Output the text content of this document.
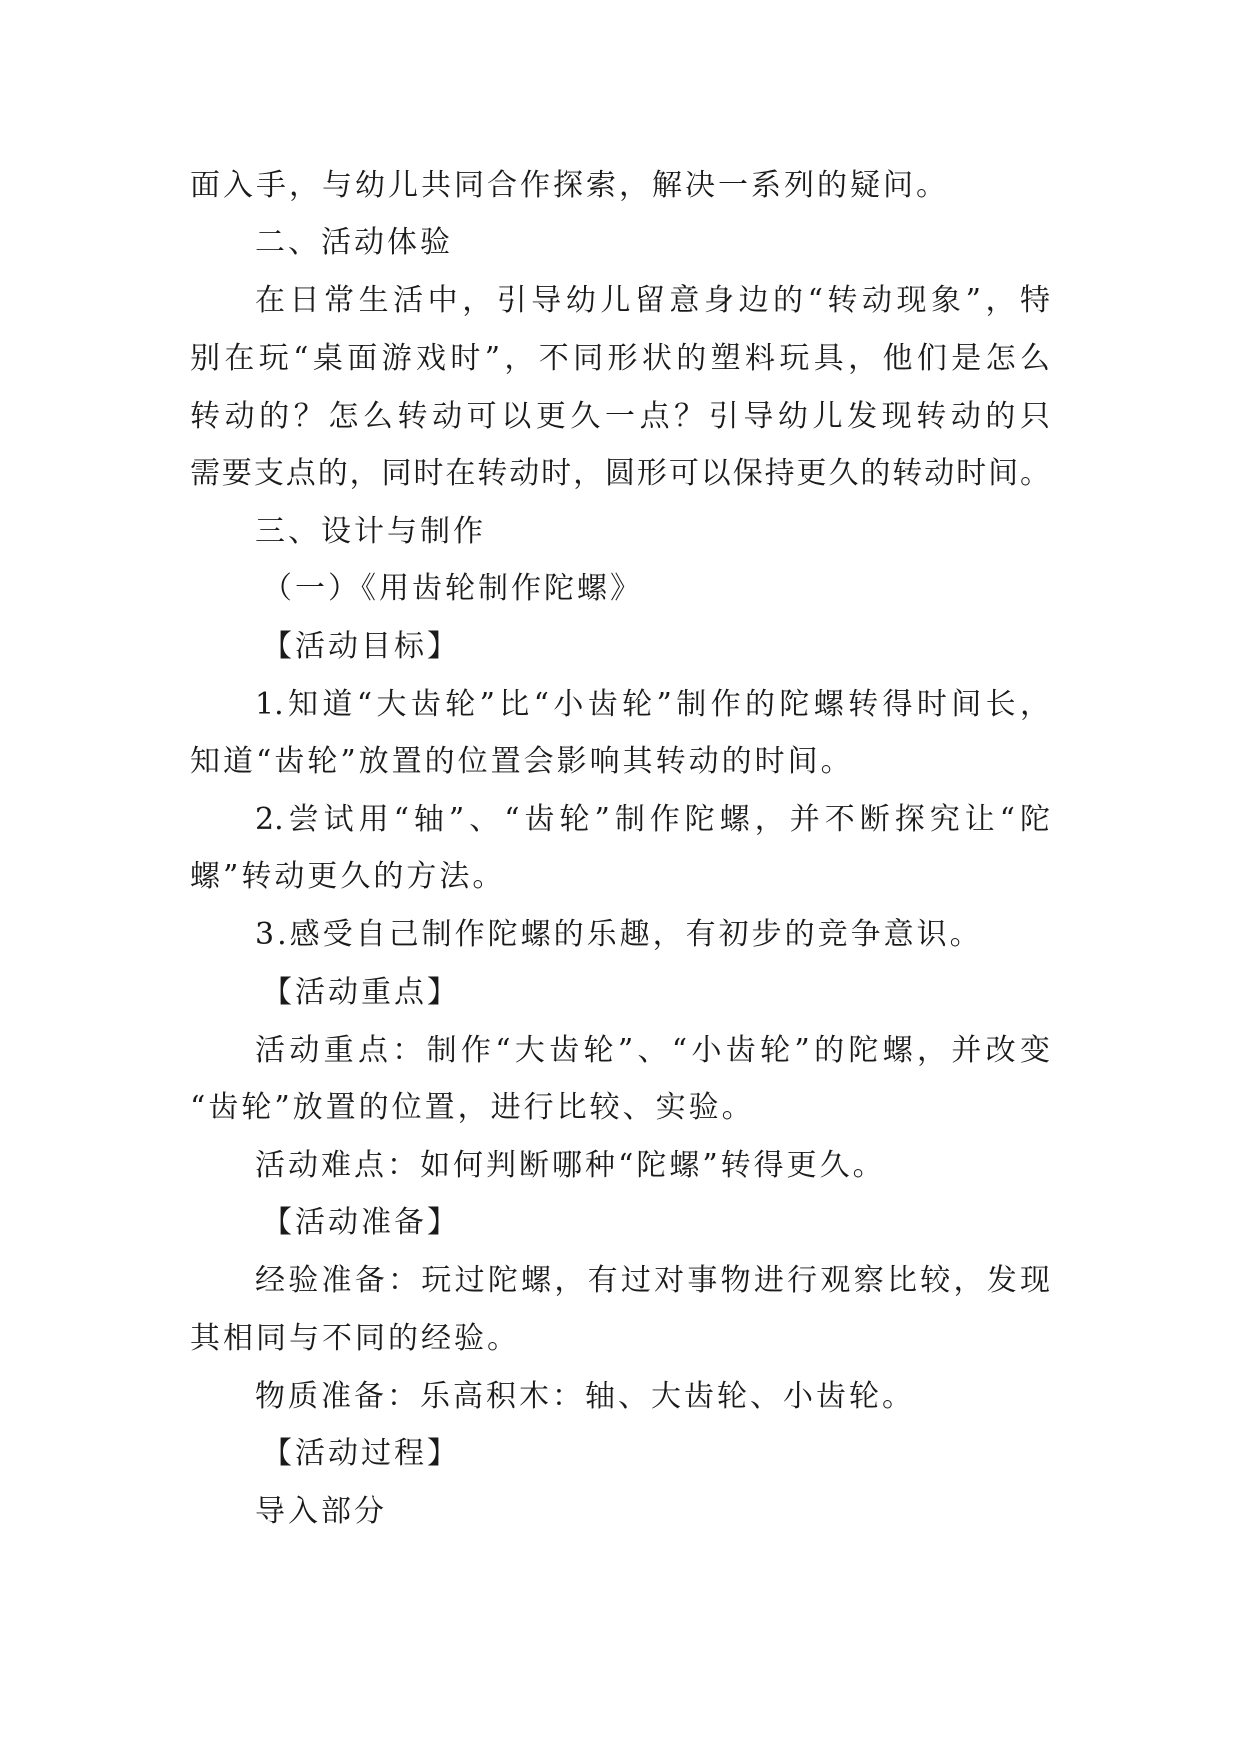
面入手，与幼儿共同合作探索，解决一系列的疑问。
二、活动体验
在日常生活中，引导幼儿留意身边的“转动现象”，特
别在玩“桌面游戏时”，不同形状的塑料玩具，他们是怎么
转动的？怎么转动可以更久一点？引导幼儿发现转动的只
需要支点的，同时在转动时，圆形可以保持更久的转动时间。
三、设计与制作
（一）《用齿轮制作陀螺》
【活动目标】
1.知道“大齿轮”比“小齿轮”制作的陀螺转得时间长，
知道“齿轮”放置的位置会影响其转动的时间。
2.尝试用“轴”、“齿轮”制作陀螺，并不断探究让“陀
螺”转动更久的方法。
3.感受自己制作陀螺的乐趣，有初步的竞争意识。
【活动重点】
活动重点：制作“大齿轮”、“小齿轮”的陀螺，并改变
“齿轮”放置的位置，进行比较、实验。
活动难点：如何判断哪种“陀螺”转得更久。
【活动准备】
经验准备：玩过陀螺，有过对事物进行观察比较，发现
其相同与不同的经验。
物质准备：乐高积木：轴、大齿轮、小齿轮。
【活动过程】
导入部分
